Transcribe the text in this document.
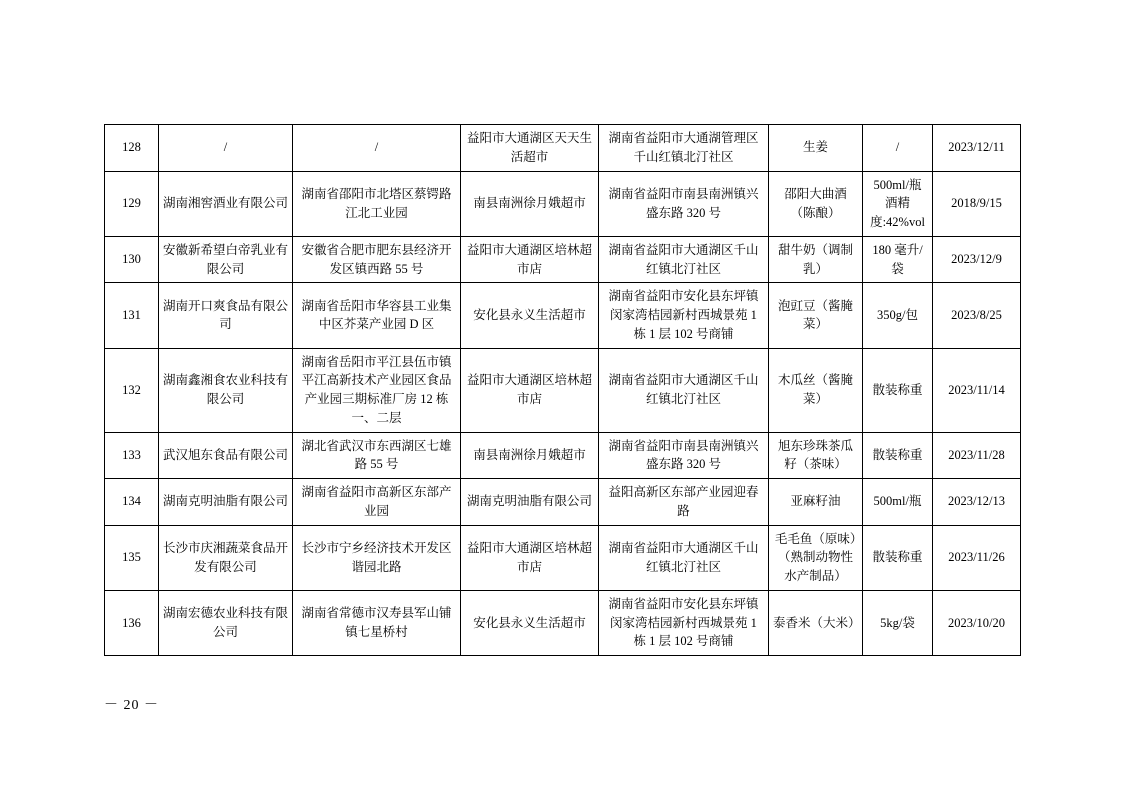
128	/	/	益阳市大通湖区天天生活超市	湖南省益阳市大通湖管理区千山红镇北汀社区	生姜	/	2023/12/11
129	湖南湘窖酒业有限公司	湖南省邵阳市北塔区蔡锷路江北工业园	南县南洲徐月娥超市	湖南省益阳市南县南洲镇兴盛东路 320 号	邵阳大曲酒（陈酿）	500ml/瓶 酒精度:42%vol	2018/9/15
130	安徽新希望白帝乳业有限公司	安徽省合肥市肥东县经济开发区镇西路 55 号	益阳市大通湖区培林超市店	湖南省益阳市大通湖区千山红镇北汀社区	甜牛奶（调制乳）	180 毫升/袋	2023/12/9
131	湖南开口爽食品有限公司	湖南省岳阳市华容县工业集中区芥菜产业园 D 区	安化县永义生活超市	湖南省益阳市安化县东坪镇闵家湾桔园新村西城景苑 1 栋 1 层 102 号商铺	泡豇豆（酱腌菜）	350g/包	2023/8/25
132	湖南鑫湘食农业科技有限公司	湖南省岳阳市平江县伍市镇平江高新技术产业园区食品产业园三期标准厂房 12 栋一、二层	益阳市大通湖区培林超市店	湖南省益阳市大通湖区千山红镇北汀社区	木瓜丝（酱腌菜）	散装称重	2023/11/14
133	武汉旭东食品有限公司	湖北省武汉市东西湖区七雄路 55 号	南县南洲徐月娥超市	湖南省益阳市南县南洲镇兴盛东路 320 号	旭东珍珠茶瓜籽（茶味）	散装称重	2023/11/28
134	湖南克明油脂有限公司	湖南省益阳市高新区东部产业园	湖南克明油脂有限公司	益阳高新区东部产业园迎春路	亚麻籽油	500ml/瓶	2023/12/13
135	长沙市庆湘蔬菜食品开发有限公司	长沙市宁乡经济技术开发区谐园北路	益阳市大通湖区培林超市店	湖南省益阳市大通湖区千山红镇北汀社区	毛毛鱼（原味）（熟制动物性水产制品）	散装称重	2023/11/26
136	湖南宏德农业科技有限公司	湖南省常德市汉寿县军山铺镇七星桥村	安化县永义生活超市	湖南省益阳市安化县东坪镇闵家湾桔园新村西城景苑 1 栋 1 层 102 号商铺	泰香米（大米）	5kg/袋	2023/10/20
－ 20 －
